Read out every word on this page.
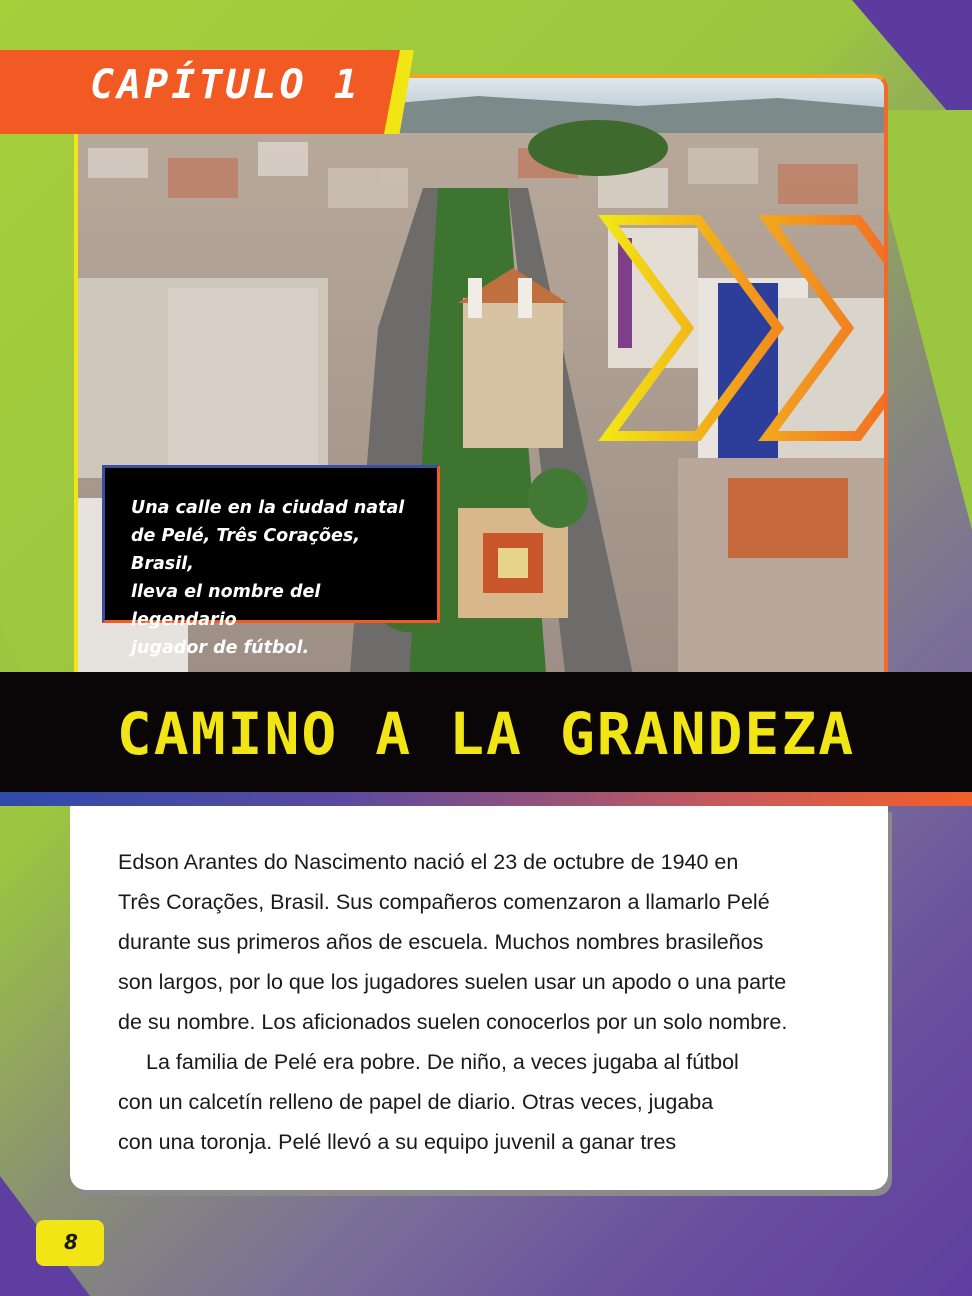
CAPÍTULO 1

Una calle en la ciudad natal
de Pelé, Três Corações, Brasil,
lleva el nombre del legendario
jugador de fútbol.

CAMINO A LA GRANDEZA
Edson Arantes do Nascimento nació el 23 de octubre de 1940 en
Três Corações, Brasil. Sus compañeros comenzaron a llamarlo Pelé
durante sus primeros años de escuela. Muchos nombres brasileños
son largos, por lo que los jugadores suelen usar un apodo o una parte
de su nombre. Los aficionados suelen conocerlos por un solo nombre.
La familia de Pelé era pobre. De niño, a veces jugaba al fútbol
con un calcetín relleno de papel de diario. Otras veces, jugaba
con una toronja. Pelé llevó a su equipo juvenil a ganar tres
8
